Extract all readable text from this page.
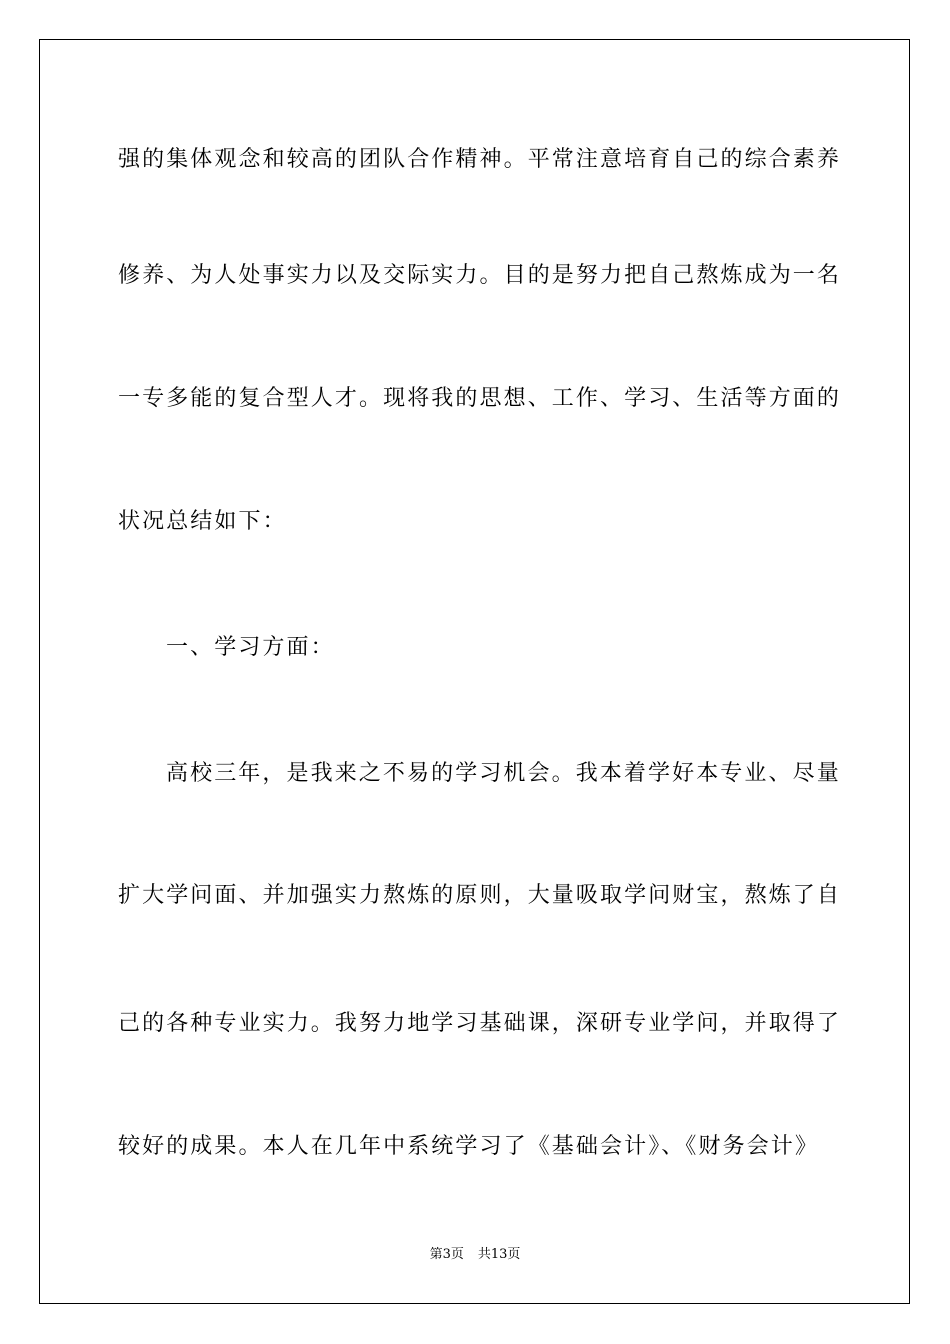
强的集体观念和较高的团队合作精神。平常注意培育自己的综合素养
修养、为人处事实力以及交际实力。目的是努力把自己熬炼成为一名
一专多能的复合型人才。现将我的思想、工作、学习、生活等方面的
状况总结如下：
一、学习方面：
高校三年，是我来之不易的学习机会。我本着学好本专业、尽量
扩大学问面、并加强实力熬炼的原则，大量吸取学问财宝，熬炼了自
己的各种专业实力。我努力地学习基础课，深研专业学问，并取得了
较好的成果。本人在几年中系统学习了《基础会计》、《财务会计》
第3页 共13页
